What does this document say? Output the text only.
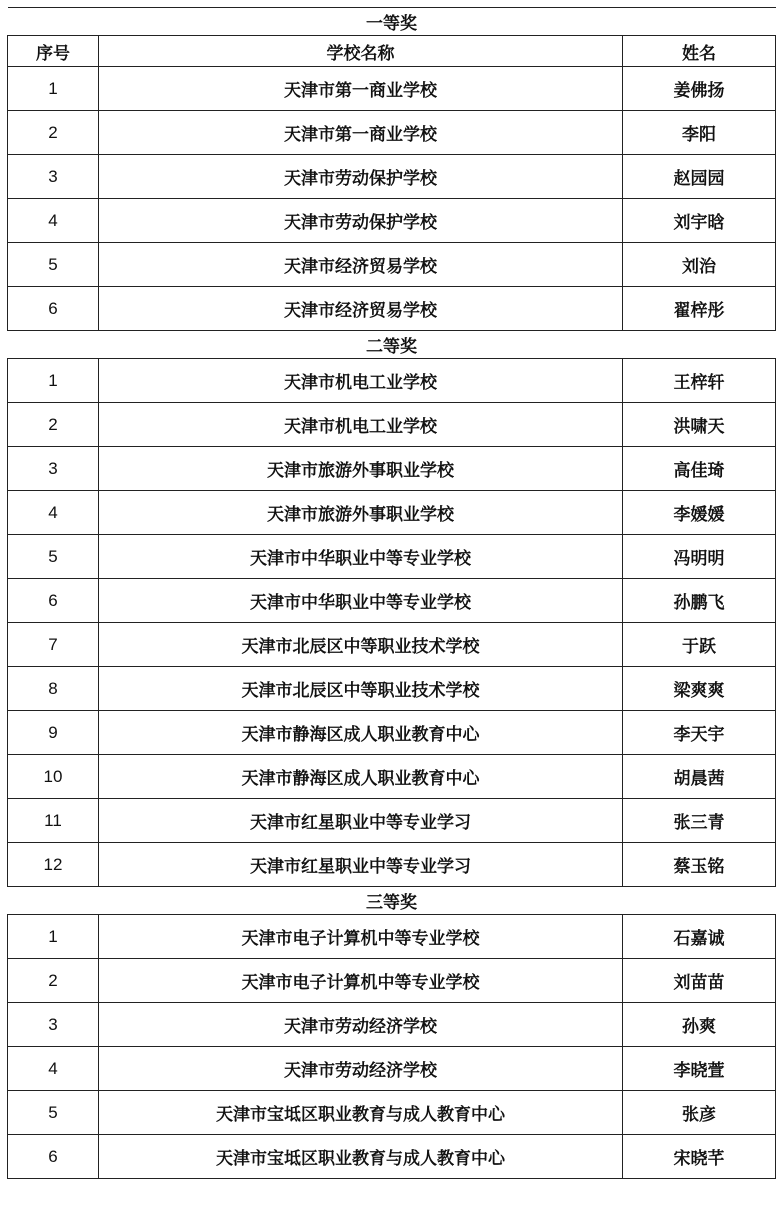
一等奖		
序号	学校名称	姓名
1	天津市第一商业学校	姜佛扬
2	天津市第一商业学校	李阳
3	天津市劳动保护学校	赵园园
4	天津市劳动保护学校	刘宇晗
5	天津市经济贸易学校	刘治
6	天津市经济贸易学校	翟梓彤
二等奖		
1	天津市机电工业学校	王梓轩
2	天津市机电工业学校	洪啸天
3	天津市旅游外事职业学校	高佳琦
4	天津市旅游外事职业学校	李媛媛
5	天津市中华职业中等专业学校	冯明明
6	天津市中华职业中等专业学校	孙鹏飞
7	天津市北辰区中等职业技术学校	于跃
8	天津市北辰区中等职业技术学校	梁爽爽
9	天津市静海区成人职业教育中心	李天宇
10	天津市静海区成人职业教育中心	胡晨茜
11	天津市红星职业中等专业学习	张三青
12	天津市红星职业中等专业学习	蔡玉铭
三等奖		
1	天津市电子计算机中等专业学校	石嘉诚
2	天津市电子计算机中等专业学校	刘苗苗
3	天津市劳动经济学校	孙爽
4	天津市劳动经济学校	李晓萱
5	天津市宝坻区职业教育与成人教育中心	张彦
6	天津市宝坻区职业教育与成人教育中心	宋晓芊
